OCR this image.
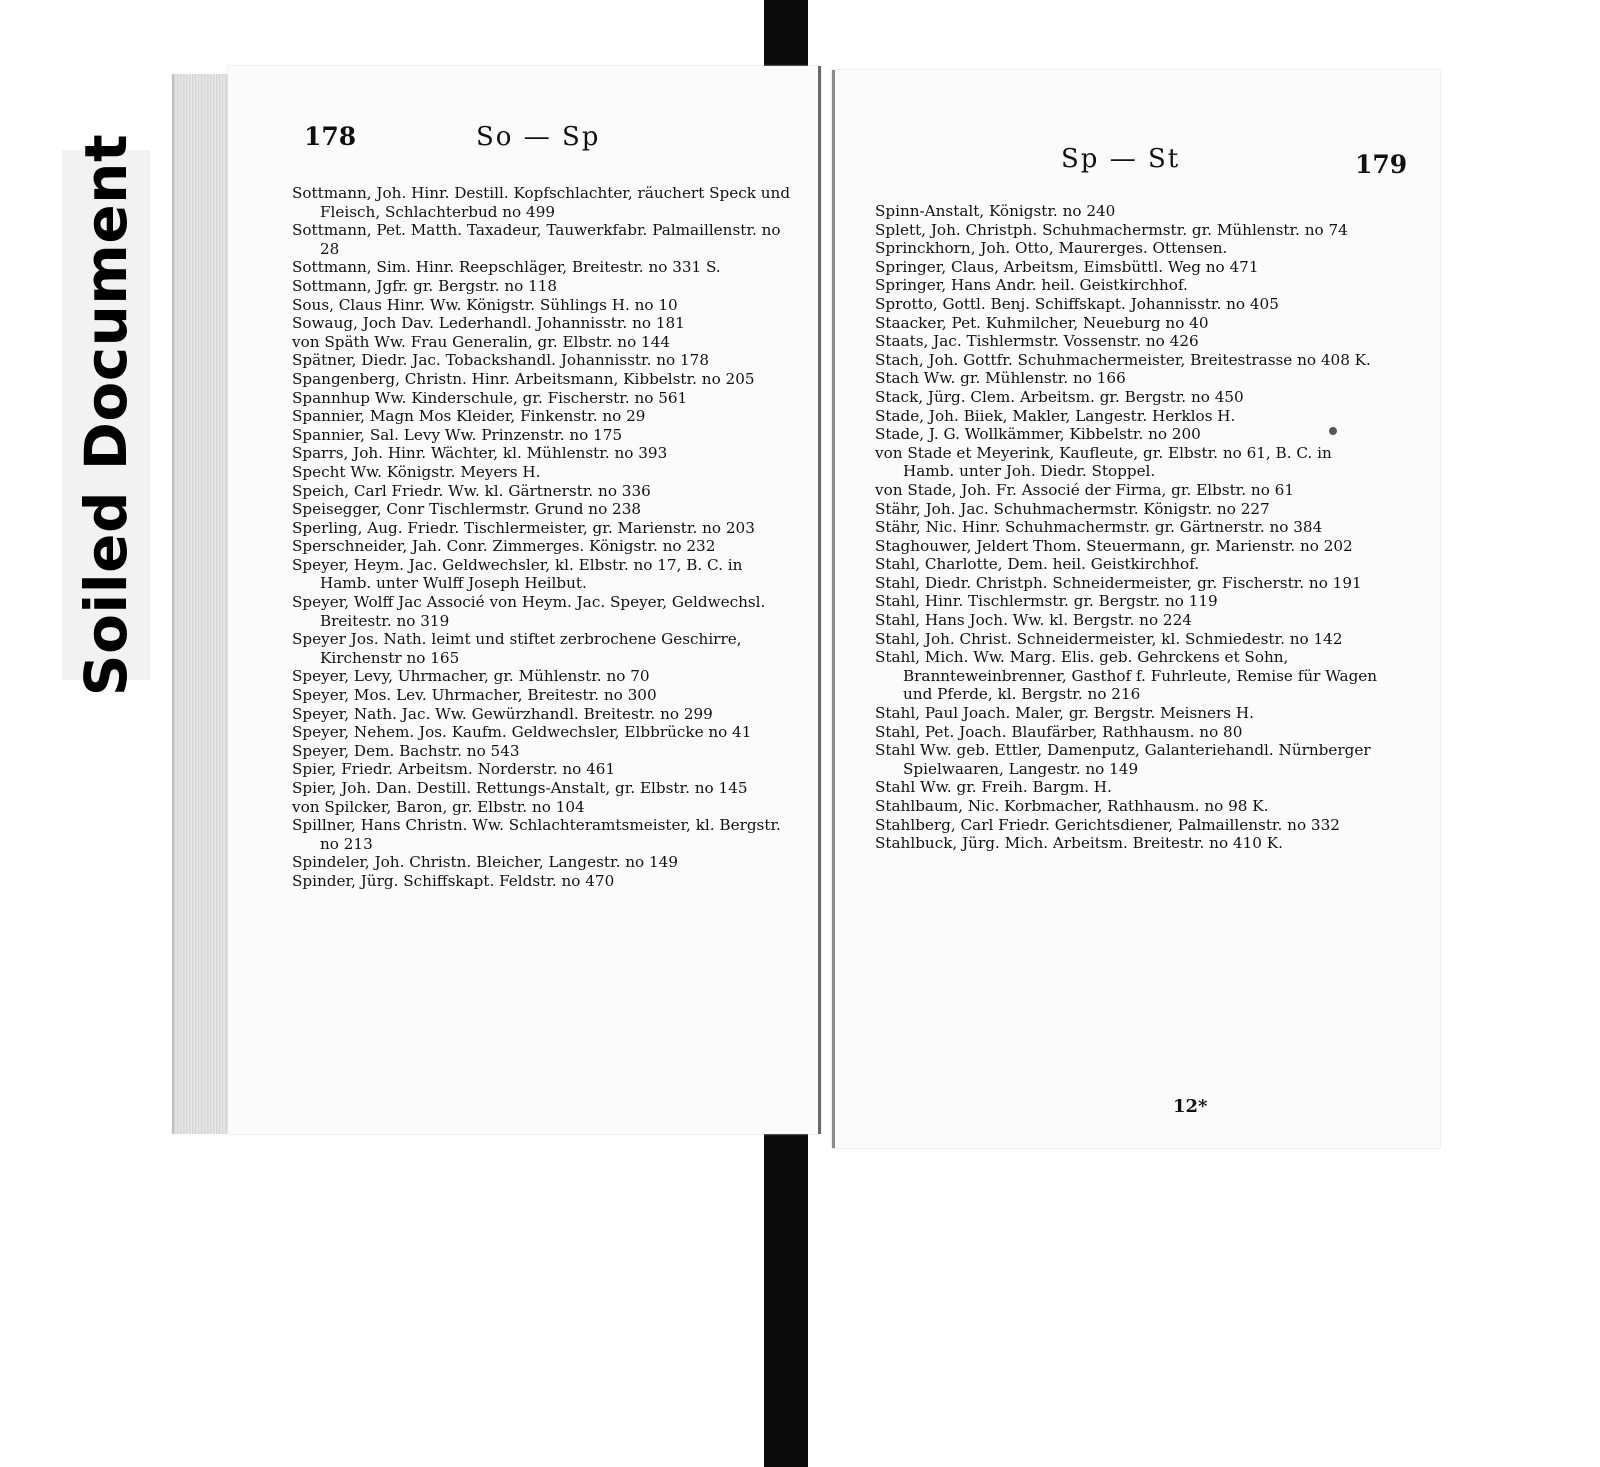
Soiled Document	178	So — Sp
Sottmann, Joh. Hinr. Destill. Kopfschlachter, räuchert Speck und Fleisch, Schlachterbud no 499
Sottmann, Pet. Matth. Taxadeur, Tauwerkfabr. Palmaillenstr. no 28
Sottmann, Sim. Hinr. Reepschläger, Breitestr. no 331 S.
Sottmann, Jgfr. gr. Bergstr. no 118
Sous, Claus Hinr. Ww. Königstr. Sühlings H. no 10
Sowaug, Joch Dav. Lederhandl. Johannisstr. no 181
von Späth Ww. Frau Generalin, gr. Elbstr. no 144
Spätner, Diedr. Jac. Tobackshandl. Johannisstr. no 178
Spangenberg, Christn. Hinr. Arbeitsmann, Kibbelstr. no 205
Spannhup Ww. Kinderschule, gr. Fischerstr. no 561
Spannier, Magn Mos Kleider, Finkenstr. no 29
Spannier, Sal. Levy Ww. Prinzenstr. no 175
Sparrs, Joh. Hinr. Wächter, kl. Mühlenstr. no 393
Specht Ww. Königstr. Meyers H.
Speich, Carl Friedr. Ww. kl. Gärtnerstr. no 336
Speisegger, Conr Tischlermstr. Grund no 238
Sperling, Aug. Friedr. Tischlermeister, gr. Marienstr. no 203
Sperschneider, Jah. Conr. Zimmerges. Königstr. no 232
Speyer, Heym. Jac. Geldwechsler, kl. Elbstr. no 17, B. C. in Hamb. unter Wulff Joseph Heilbut.
Speyer, Wolff Jac Associé von Heym. Jac. Speyer, Geldwechsl. Breitestr. no 319
Speyer Jos. Nath. leimt und stiftet zerbrochene Geschirre, Kirchenstr no 165
Speyer, Levy, Uhrmacher, gr. Mühlenstr. no 70
Speyer, Mos. Lev. Uhrmacher, Breitestr. no 300
Speyer, Nath. Jac. Ww. Gewürzhandl. Breitestr. no 299
Speyer, Nehem. Jos. Kaufm. Geldwechsler, Elbbrücke no 41
Speyer, Dem. Bachstr. no 543
Spier, Friedr. Arbeitsm. Norderstr. no 461
Spier, Joh. Dan. Destill. Rettungs-Anstalt, gr. Elbstr. no 145
von Spilcker, Baron, gr. Elbstr. no 104
Spillner, Hans Christn. Ww. Schlachteramtsmeister, kl. Bergstr. no 213
Spindeler, Joh. Christn. Bleicher, Langestr. no 149
Spinder, Jürg. Schiffskapt. Feldstr. no 470
Sp — St	179
Spinn-Anstalt, Königstr. no 240
Splett, Joh. Christph. Schuhmachermstr. gr. Mühlenstr. no 74
Sprinckhorn, Joh. Otto, Maurerges. Ottensen.
Springer, Claus, Arbeitsm, Eimsbüttl. Weg no 471
Springer, Hans Andr. heil. Geistkirchhof.
Sprotto, Gottl. Benj. Schiffskapt. Johannisstr. no 405
Staacker, Pet. Kuhmilcher, Neueburg no 40
Staats, Jac. Tishlermstr. Vossenstr. no 426
Stach, Joh. Gottfr. Schuhmachermeister, Breitestrasse no 408 K.
Stach Ww. gr. Mühlenstr. no 166
Stack, Jürg. Clem. Arbeitsm. gr. Bergstr. no 450
Stade, Joh. Biiek, Makler, Langestr. Herklos H.
Stade, J. G. Wollkämmer, Kibbelstr. no 200
von Stade et Meyerink, Kaufleute, gr. Elbstr. no 61, B. C. in Hamb. unter Joh. Diedr. Stoppel.
von Stade, Joh. Fr. Associé der Firma, gr. Elbstr. no 61
Stähr, Joh. Jac. Schuhmachermstr. Königstr. no 227
Stähr, Nic. Hinr. Schuhmachermstr. gr. Gärtnerstr. no 384
Staghouwer, Jeldert Thom. Steuermann, gr. Marienstr. no 202
Stahl, Charlotte, Dem. heil. Geistkirchhof.
Stahl, Diedr. Christph. Schneidermeister, gr. Fischerstr. no 191
Stahl, Hinr. Tischlermstr. gr. Bergstr. no 119
Stahl, Hans Joch. Ww. kl. Bergstr. no 224
Stahl, Joh. Christ. Schneidermeister, kl. Schmiedestr. no 142
Stahl, Mich. Ww. Marg. Elis. geb. Gehrckens et Sohn, Brannteweinbrenner, Gasthof f. Fuhrleute, Remise für Wagen und Pferde, kl. Bergstr. no 216
Stahl, Paul Joach. Maler, gr. Bergstr. Meisners H.
Stahl, Pet. Joach. Blaufärber, Rathhausm. no 80
Stahl Ww. geb. Ettler, Damenputz, Galanteriehandl. Nürnberger Spielwaaren, Langestr. no 149
Stahl Ww. gr. Freih. Bargm. H.
Stahlbaum, Nic. Korbmacher, Rathhausm. no 98 K.
Stahlberg, Carl Friedr. Gerichtsdiener, Palmaillenstr. no 332
Stahlbuck, Jürg. Mich. Arbeitsm. Breitestr. no 410 K.
12*
